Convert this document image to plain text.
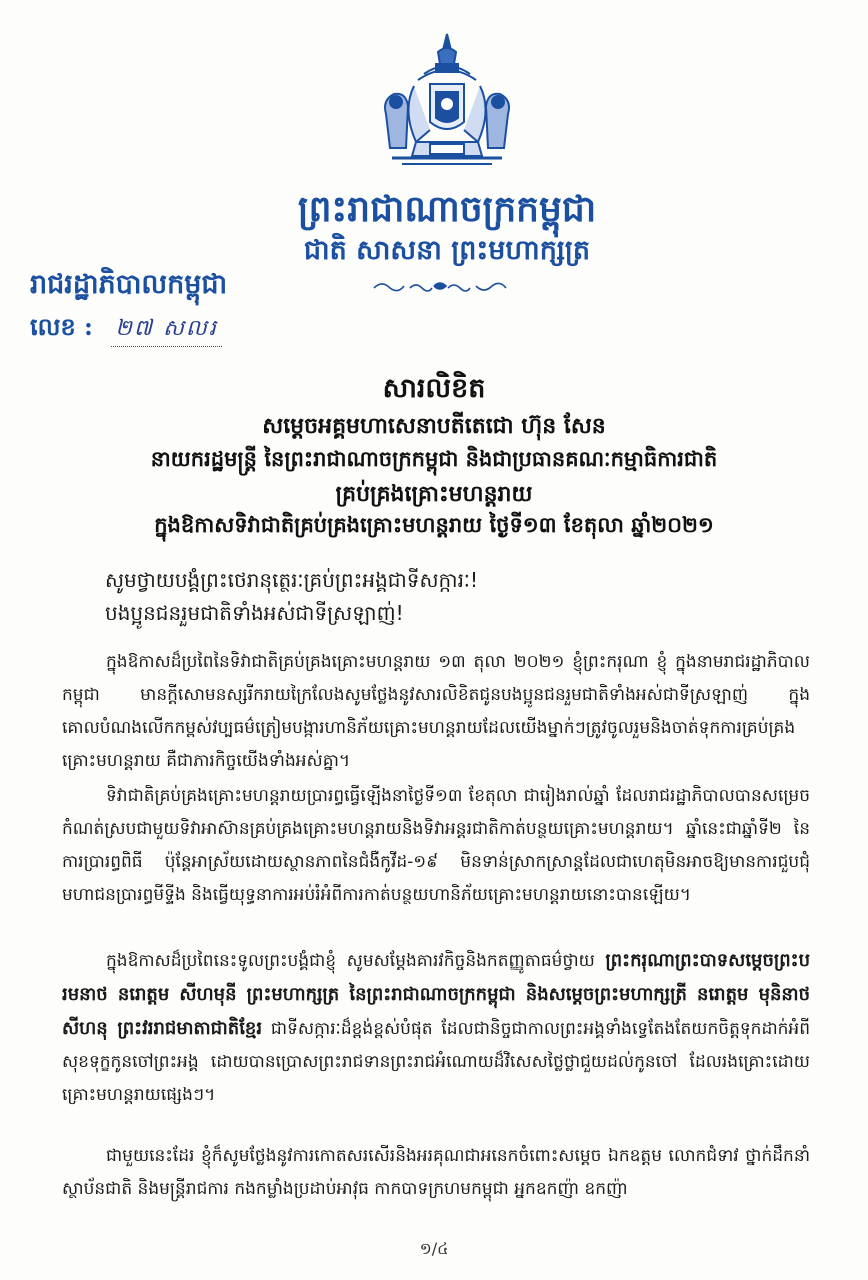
ព្រះរាជាណាចក្រកម្ពុជា
ជាតិ សាសនា ព្រះមហាក្សត្រ
រាជរដ្ឋាភិបាលកម្ពុជា
លេខ : ២៧ សលរ
សារលិខិត
សម្តេចអគ្គមហាសេនាបតីតេជោ ហ៊ុន សែន
នាយករដ្ឋមន្ត្រី នៃព្រះរាជាណាចក្រកម្ពុជា និងជាប្រធានគណៈកម្មាធិការជាតិ
គ្រប់គ្រងគ្រោះមហន្តរាយ
ក្នុងឱកាសទិវាជាតិគ្រប់គ្រងគ្រោះមហន្តរាយ ថ្ងៃទី១៣ ខែតុលា ឆ្នាំ២០២១
សូមថ្វាយបង្គំព្រះថេរានុត្ថេរៈគ្រប់ព្រះអង្គជាទីសក្ការៈ!
បងប្អូនជនរួមជាតិទាំងអស់ជាទីស្រឡាញ់!

ក្នុងឱកាសដ៏ប្រពៃនៃទិវាជាតិគ្រប់គ្រងគ្រោះមហន្តរាយ ១៣ តុលា ២០២១ ខ្ញុំព្រះករុណា ខ្ញុំ ក្នុងនាមរាជរដ្ឋាភិបាលកម្ពុជា មានក្តីសោមនស្សរីករាយក្រៃលែងសូមថ្លែងនូវសារលិខិតជូនបងប្អូនជនរួមជាតិទាំងអស់ជាទីស្រឡាញ់ ក្នុងគោលបំណងលើកកម្ពស់វប្បធម៌ត្រៀមបង្ការហានិភ័យគ្រោះមហន្តរាយដែលយើងម្នាក់ៗត្រូវចូលរួមនិងចាត់ទុកការគ្រប់គ្រងគ្រោះមហន្តរាយ គឺជាភារកិច្ចយើងទាំងអស់គ្នា។

ទិវាជាតិគ្រប់គ្រងគ្រោះមហន្តរាយប្រារព្ធធ្វើឡើងនាថ្ងៃទី១៣ ខែតុលា ជារៀងរាល់ឆ្នាំ ដែលរាជរដ្ឋាភិបាលបានសម្រេចកំណត់ស្របជាមួយទិវាអាស៊ានគ្រប់គ្រងគ្រោះមហន្តរាយនិងទិវាអន្តរជាតិកាត់បន្ថយគ្រោះមហន្តរាយ។ ឆ្នាំនេះជាឆ្នាំទី២ នៃការប្រារព្ធពិធី ប៉ុន្តែអាស្រ័យដោយស្ថានភាពនៃជំងឺកូវីដ-១៩ មិនទាន់ស្រាកស្រាន្តដែលជាហេតុមិនអាចឱ្យមានការជួបជុំមហាជនប្រារព្ធមីទ្ទីង និងធ្វើយុទ្ធនាការអប់រំអំពីការកាត់បន្ថយហានិភ័យគ្រោះមហន្តរាយនោះបានឡើយ។

ក្នុងឱកាសដ៏ប្រពៃនេះទូលព្រះបង្គំជាខ្ញុំ សូមសម្តែងគារវកិច្ចនិងកតញ្ញូតាធម៌ថ្វាយ ព្រះករុណាព្រះបាទសម្តេចព្រះបរមនាថ នរោត្តម សីហមុនី ព្រះមហាក្សត្រ នៃព្រះរាជាណាចក្រកម្ពុជា និងសម្តេចព្រះមហាក្សត្រី នរោត្តម មុនិនាថ សីហនុ ព្រះវររាជមាតាជាតិខ្មែរ ជាទីសក្ការៈដ៏ខ្ពង់ខ្ពស់បំផុត ដែលជានិច្ចជាកាលព្រះអង្គទាំងទ្វេតែងតែយកចិត្តទុកដាក់អំពីសុខទុក្ខកូនចៅព្រះអង្គ ដោយបានប្រោសព្រះរាជទានព្រះរាជអំណោយដ៏វិសេសថ្លៃថ្លាជួយដល់កូនចៅ ដែលរងគ្រោះដោយគ្រោះមហន្តរាយផ្សេងៗ។

ជាមួយនេះដែរ ខ្ញុំក៏សូមថ្លែងនូវការកោតសរសើរនិងអរគុណជាអនេកចំពោះសម្តេច ឯកឧត្តម លោកជំទាវ ថ្នាក់ដឹកនាំស្ថាប័នជាតិ និងមន្ត្រីរាជការ កងកម្លាំងប្រដាប់អាវុធ កាកបាទក្រហមកម្ពុជា អ្នកឧកញ៉ា ឧកញ៉ា

១/៤
